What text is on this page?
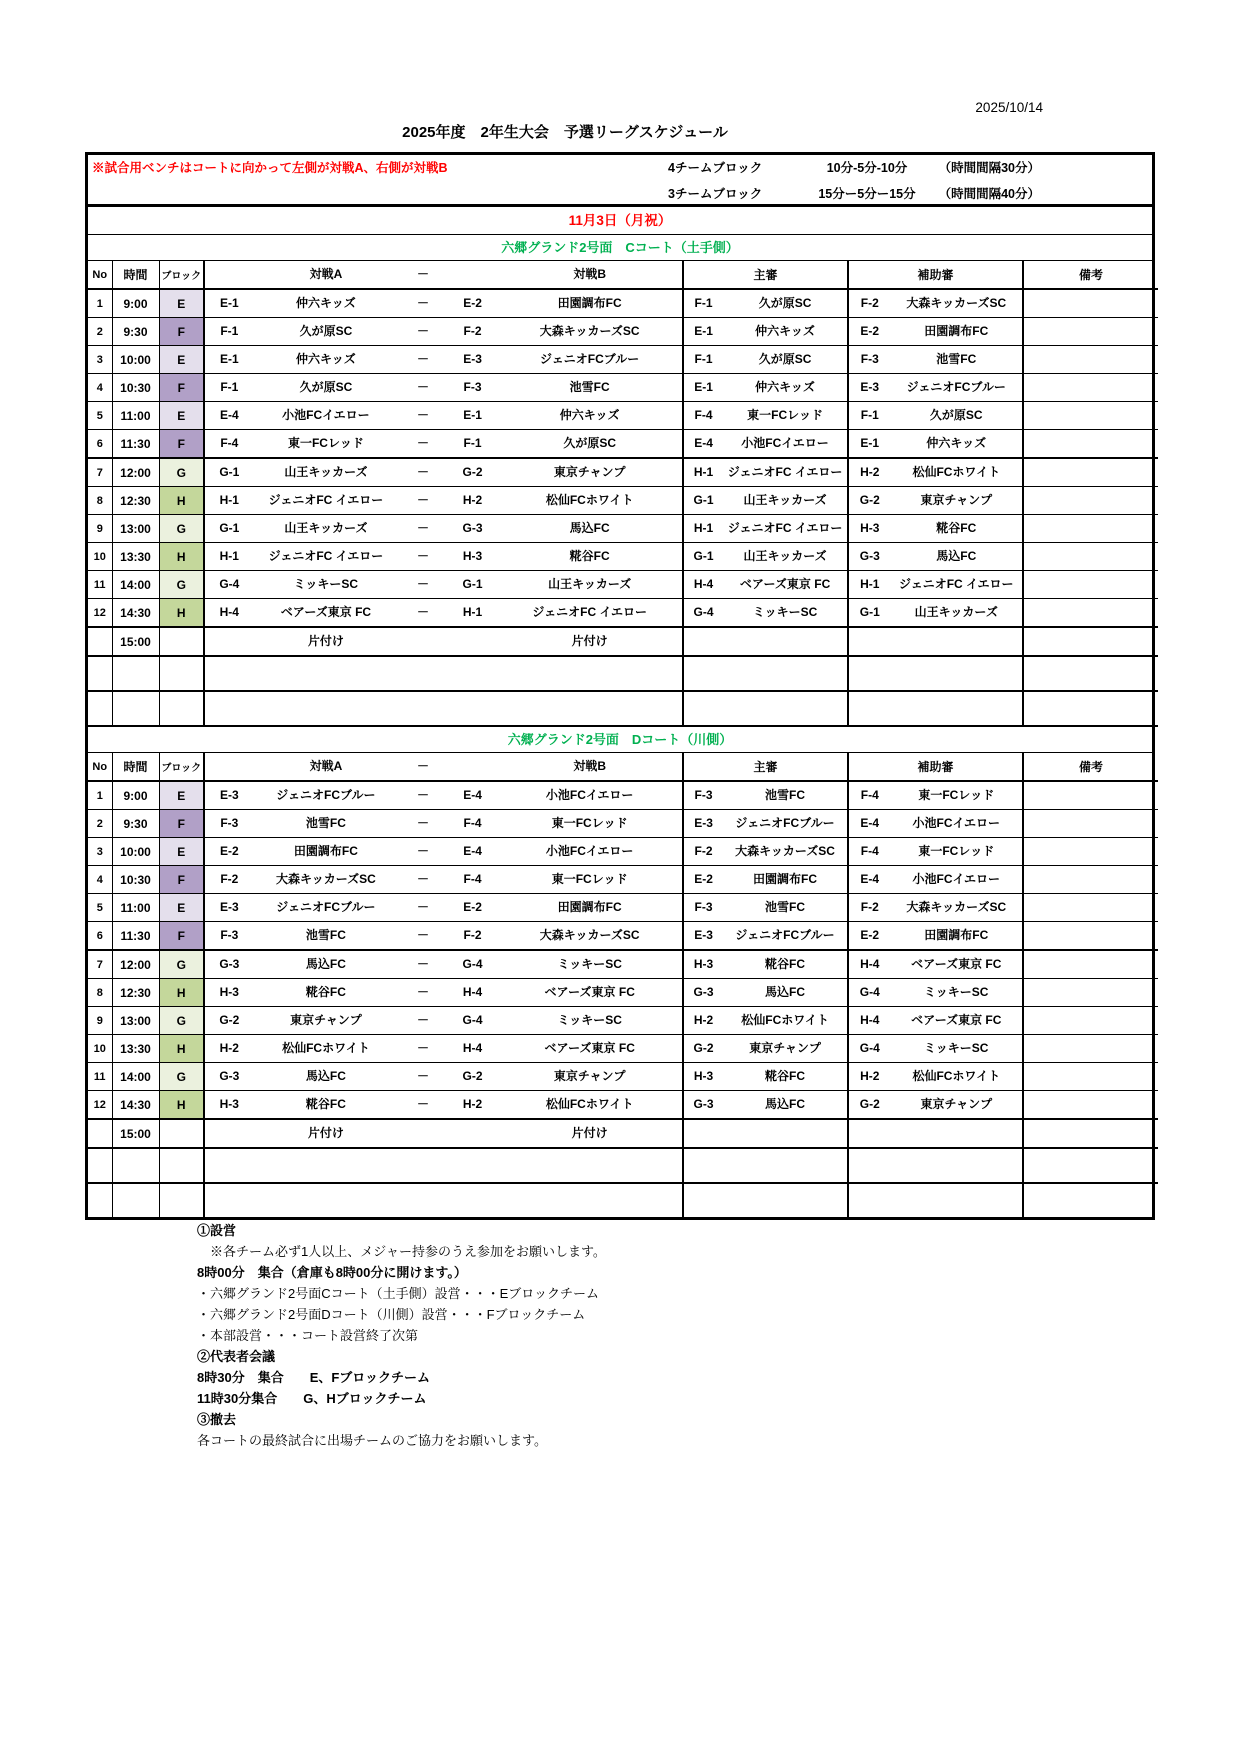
2025/10/14
2025年度　2年生大会　予選リーグスケジュール
※試合用ベンチはコートに向かって左側が対戦A、右側が対戦B	4チームブロック	10分-5分-10分	（時間間隔30分）
3チームブロック	15分ー5分ー15分	（時間間隔40分）
11月3日（月祝）
六郷グランド2号面　Cコート（土手側）
No	時間	ブロック	対戦A － 対戦B	主審	補助審	備考
1	9:00	E	E-1 仲六キッズ － E-2 田園調布FC	F-1 久が原SC	F-2 大森キッカーズSC	

2	9:30	F	F-1 久が原SC － F-2 大森キッカーズSC	E-1 仲六キッズ	E-2 田園調布FC	

3	10:00	E	E-1 仲六キッズ － E-3 ジェニオFCブルー	F-1 久が原SC	F-3 池雪FC	

4	10:30	F	F-1 久が原SC － F-3 池雪FC	E-1 仲六キッズ	E-3 ジェニオFCブルー	

5	11:00	E	E-4 小池FCイエロー － E-1 仲六キッズ	F-4 東一FCレッド	F-1 久が原SC	

6	11:30	F	F-4 東一FCレッド － F-1 久が原SC	E-4 小池FCイエロー	E-1 仲六キッズ	

7	12:00	G	G-1 山王キッカーズ － G-2 東京チャンプ	H-1 ジェニオFC イエロー	H-2 松仙FCホワイト	

8	12:30	H	H-1 ジェニオFC イエロー － H-2 松仙FCホワイト	G-1 山王キッカーズ	G-2 東京チャンプ	

9	13:00	G	G-1 山王キッカーズ － G-3 馬込FC	H-1 ジェニオFC イエロー	H-3 糀谷FC	

10	13:30	H	H-1 ジェニオFC イエロー － H-3 糀谷FC	G-1 山王キッカーズ	G-3 馬込FC	

11	14:00	G	G-4 ミッキーSC － G-1 山王キッカーズ	H-4 ベアーズ東京 FC	H-1 ジェニオFC イエロー	

12	14:30	H	H-4 ベアーズ東京 FC － H-1 ジェニオFC イエロー	G-4 ミッキーSC	G-1 山王キッカーズ	

	15:00		片付け 片付け			

六郷グランド2号面　Dコート（川側）
No	時間	ブロック	対戦A － 対戦B	主審	補助審	備考
1	9:00	E	E-3 ジェニオFCブルー － E-4 小池FCイエロー	F-3 池雪FC	F-4 東一FCレッド	

2	9:30	F	F-3 池雪FC － F-4 東一FCレッド	E-3 ジェニオFCブルー	E-4 小池FCイエロー	

3	10:00	E	E-2 田園調布FC － E-4 小池FCイエロー	F-2 大森キッカーズSC	F-4 東一FCレッド	

4	10:30	F	F-2 大森キッカーズSC － F-4 東一FCレッド	E-2 田園調布FC	E-4 小池FCイエロー	

5	11:00	E	E-3 ジェニオFCブルー － E-2 田園調布FC	F-3 池雪FC	F-2 大森キッカーズSC	

6	11:30	F	F-3 池雪FC － F-2 大森キッカーズSC	E-3 ジェニオFCブルー	E-2 田園調布FC	

7	12:00	G	G-3 馬込FC － G-4 ミッキーSC	H-3 糀谷FC	H-4 ベアーズ東京 FC	

8	12:30	H	H-3 糀谷FC － H-4 ベアーズ東京 FC	G-3 馬込FC	G-4 ミッキーSC	

9	13:00	G	G-2 東京チャンプ － G-4 ミッキーSC	H-2 松仙FCホワイト	H-4 ベアーズ東京 FC	

10	13:30	H	H-2 松仙FCホワイト － H-4 ベアーズ東京 FC	G-2 東京チャンプ	G-4 ミッキーSC	

11	14:00	G	G-3 馬込FC － G-2 東京チャンプ	H-3 糀谷FC	H-2 松仙FCホワイト	

12	14:30	H	H-3 糀谷FC － H-2 松仙FCホワイト	G-3 馬込FC	G-2 東京チャンプ	

	15:00		片付け 片付け			

①設営
　※各チーム必ず1人以上、メジャー持参のうえ参加をお願いします。
8時00分　集合（倉庫も8時00分に開けます。）
・六郷グランド2号面Cコート（土手側）設営・・・Eブロックチーム
・六郷グランド2号面Dコート（川側）設営・・・Fブロックチーム
・本部設営・・・コート設営終了次第
②代表者会議
8時30分　集合　　E、Fブロックチーム
11時30分集合　　G、Hブロックチーム
③撤去
各コートの最終試合に出場チームのご協力をお願いします。
